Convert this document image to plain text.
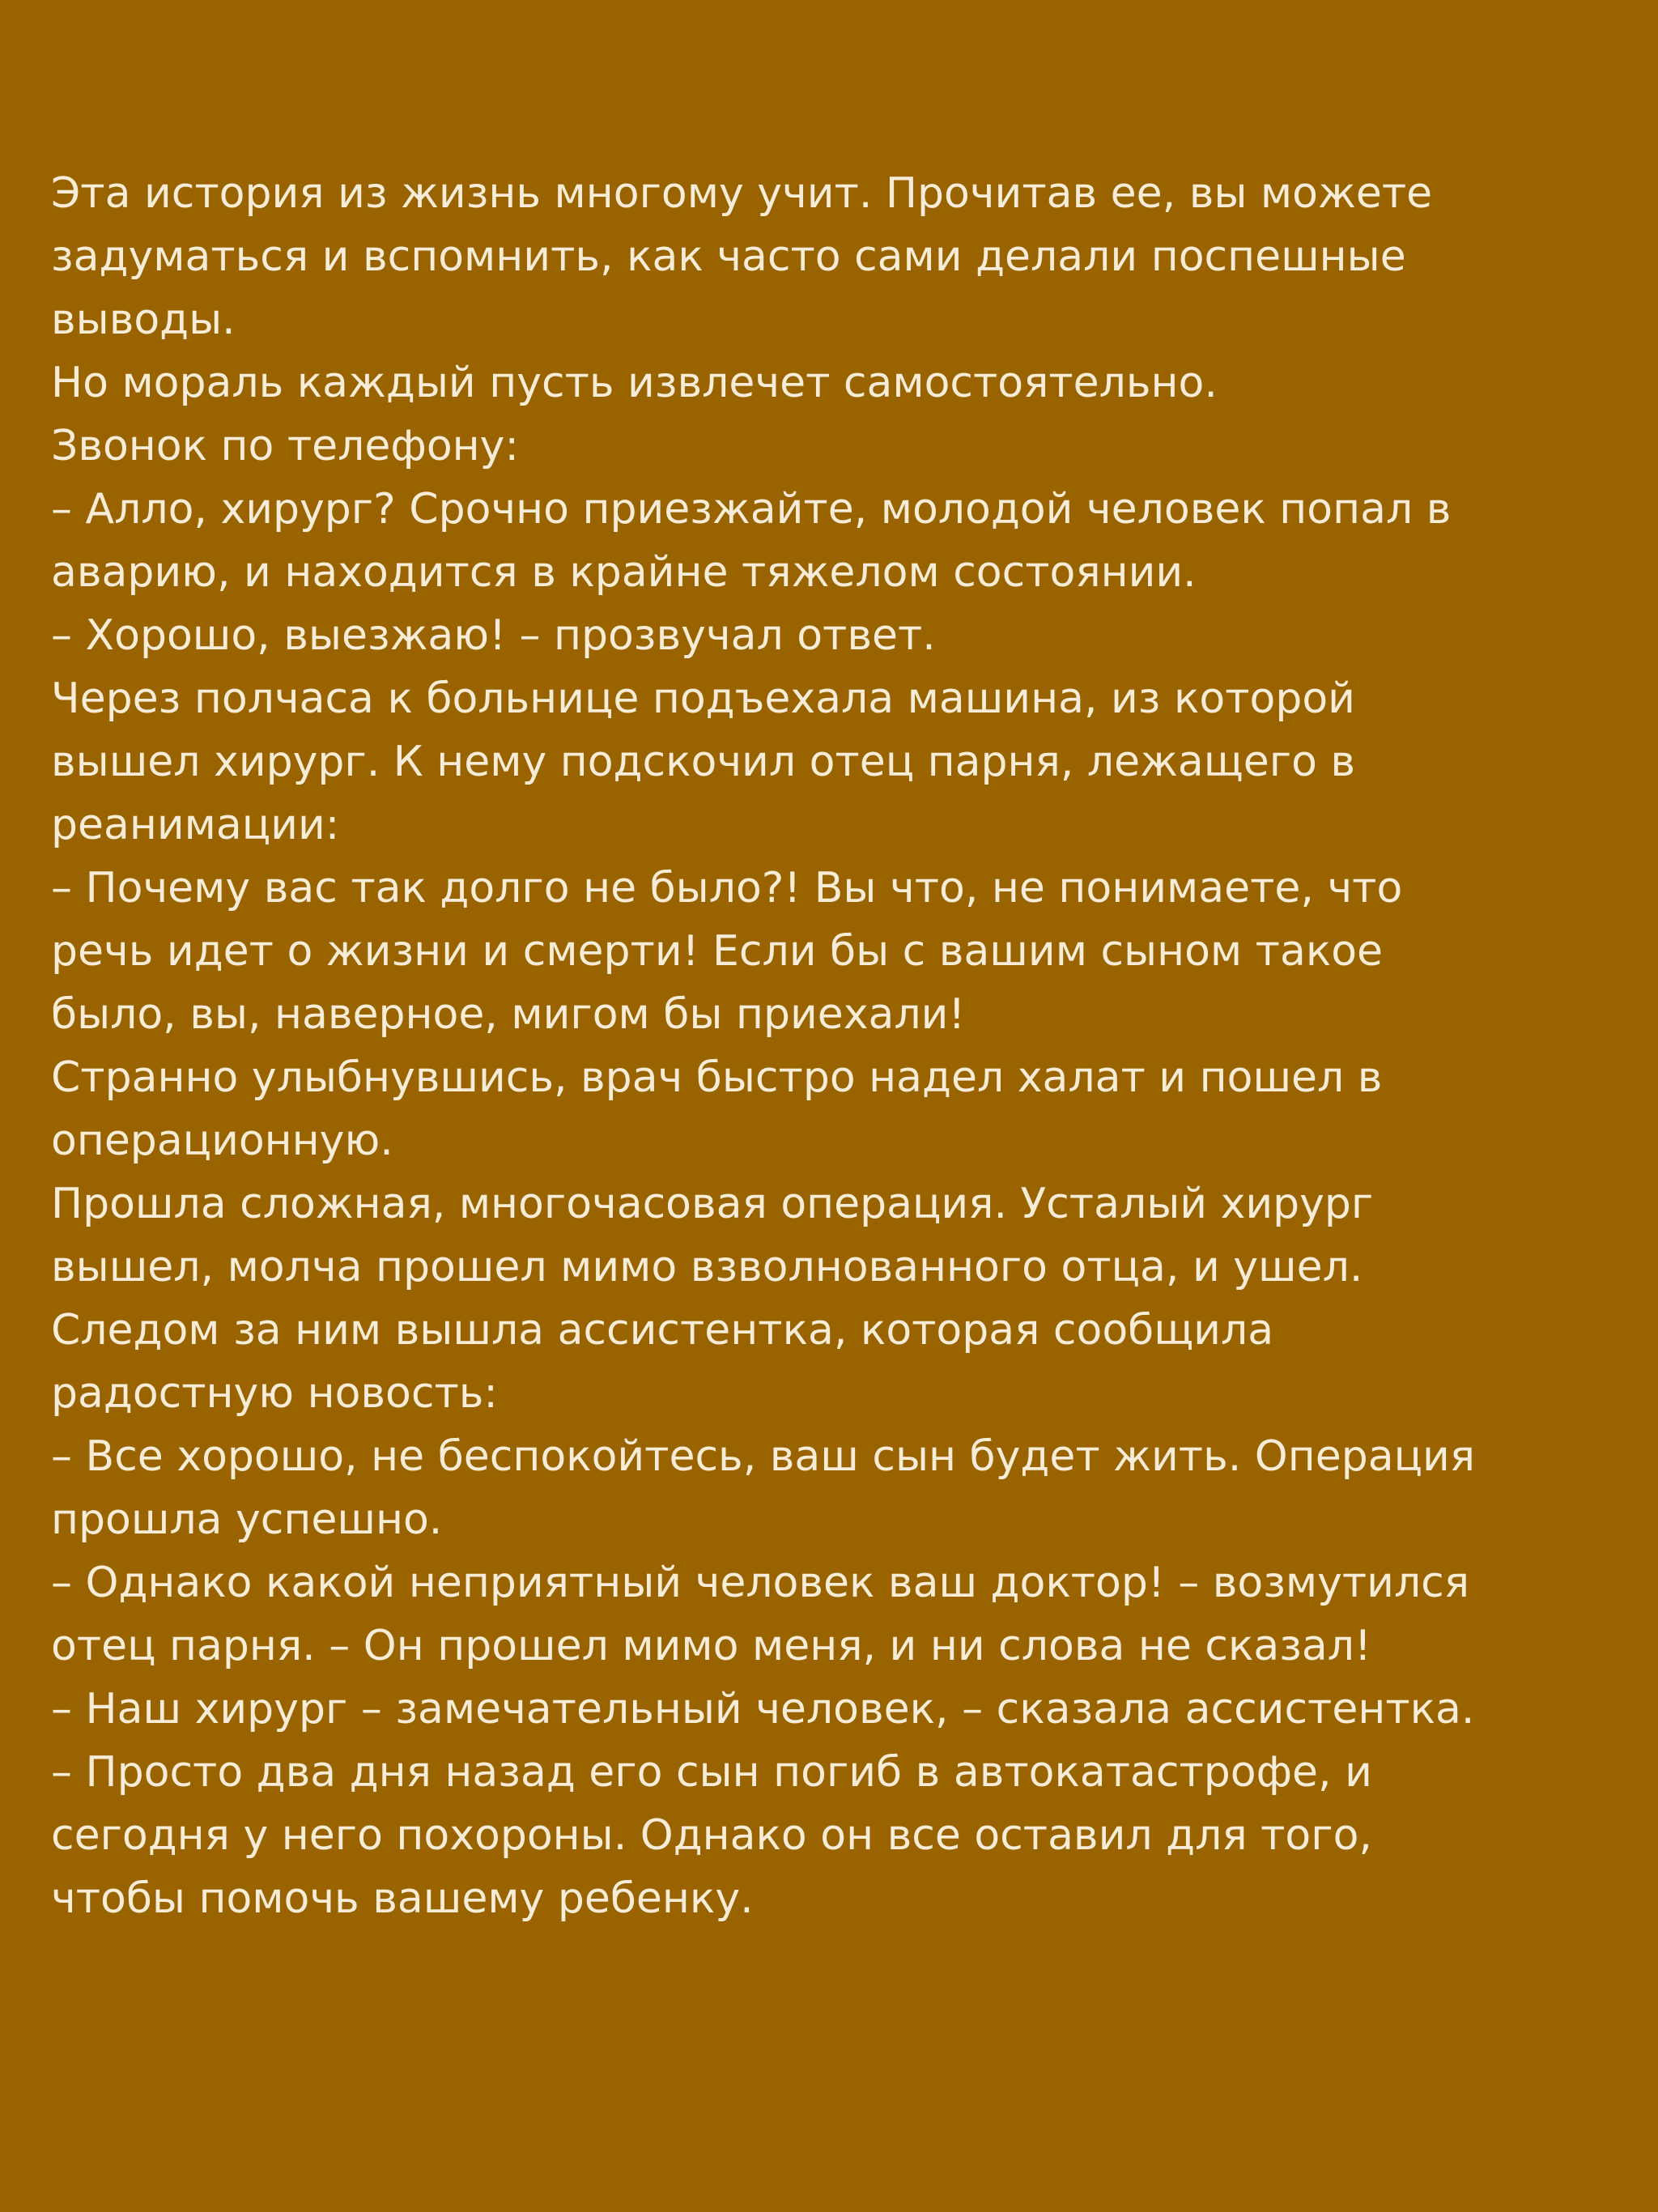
Эта история из жизнь многому учит. Прочитав ее, вы можете
задуматься и вспомнить, как часто сами делали поспешные
выводы.
Но мораль каждый пусть извлечет самостоятельно.
Звонок по телефону:
– Алло, хирург? Срочно приезжайте, молодой человек попал в
аварию, и находится в крайне тяжелом состоянии.
– Хорошо, выезжаю! – прозвучал ответ.
Через полчаса к больнице подъехала машина, из которой
вышел хирург. К нему подскочил отец парня, лежащего в
реанимации:
– Почему вас так долго не было?! Вы что, не понимаете, что
речь идет о жизни и смерти! Если бы с вашим сыном такое
было, вы, наверное, мигом бы приехали!
Странно улыбнувшись, врач быстро надел халат и пошел в
операционную.
Прошла сложная, многочасовая операция. Усталый хирург
вышел, молча прошел мимо взволнованного отца, и ушел.
Следом за ним вышла ассистентка, которая сообщила
радостную новость:
– Все хорошо, не беспокойтесь, ваш сын будет жить. Операция
прошла успешно.
– Однако какой неприятный человек ваш доктор! – возмутился
отец парня. – Он прошел мимо меня, и ни слова не сказал!
– Наш хирург – замечательный человек, – сказала ассистентка.
– Просто два дня назад его сын погиб в автокатастрофе, и
сегодня у него похороны. Однако он все оставил для того,
чтобы помочь вашему ребенку.
